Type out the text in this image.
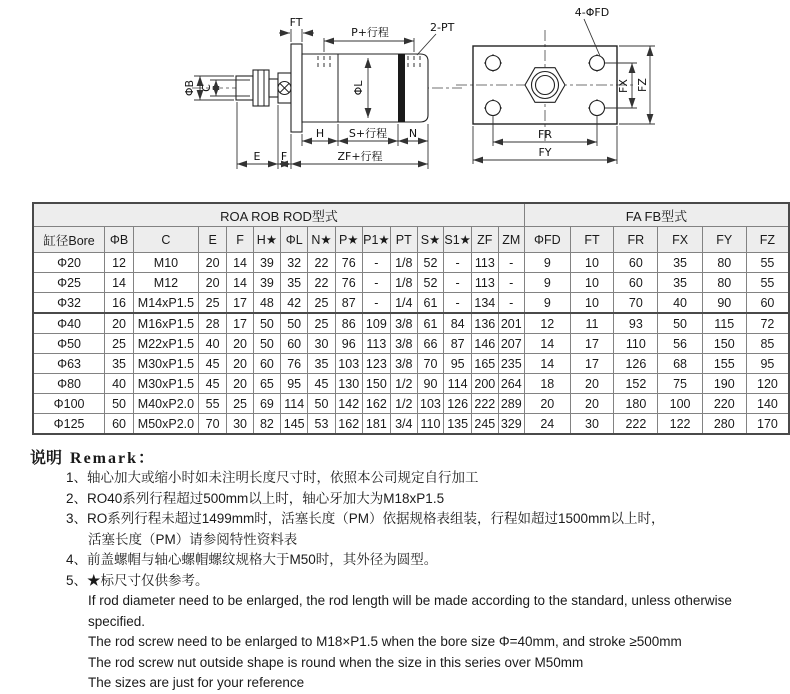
FT
P+行程	2-PT
ΦB C	ΦL
H S+行程 N
E F	ZF+行程
4-ΦFD
FX FZ
FR
FY
ROA ROB ROD型式															FA FB型式					
缸径Bore	ΦB	C	E	F	H★	ΦL	N★	P★	P1★	PT	S★	S1★	ZF	ZM	ΦFD	FT	FR	FX	FY	FZ
Φ20	12	M10	20	14	39	32	22	76	-	1/8	52	-	113	-	9	10	60	35	80	55
Φ25	14	M12	20	14	39	35	22	76	-	1/8	52	-	113	-	9	10	60	35	80	55
Φ32	16	M14xP1.5	25	17	48	42	25	87	-	1/4	61	-	134	-	9	10	70	40	90	60
Φ40	20	M16xP1.5	28	17	50	50	25	86	109	3/8	61	84	136	201	12	11	93	50	115	72
Φ50	25	M22xP1.5	40	20	50	60	30	96	113	3/8	66	87	146	207	14	17	110	56	150	85
Φ63	35	M30xP1.5	45	20	60	76	35	103	123	3/8	70	95	165	235	14	17	126	68	155	95
Φ80	40	M30xP1.5	45	20	65	95	45	130	150	1/2	90	114	200	264	18	20	152	75	190	120
Φ100	50	M40xP2.0	55	25	69	114	50	142	162	1/2	103	126	222	289	20	20	180	100	220	140
Φ125	60	M50xP2.0	70	30	82	145	53	162	181	3/4	110	135	245	329	24	30	222	122	280	170
说明 Remark：
1、轴心加大或缩小时如未注明长度尺寸时，依照本公司规定自行加工
2、RO40系列行程超过500mm以上时，轴心牙加大为M18xP1.5
3、RO系列行程未超过1499mm时，活塞长度（PM）依据规格表组装，行程如超过1500mm以上时，
活塞长度（PM）请参阅特性资料表
4、前盖螺帽与轴心螺帽螺纹规格大于M50时，其外径为圆型。
5、★标尺寸仅供参考。
If rod diameter need to be enlarged, the rod length will be made according to the standard, unless otherwise specified.
The rod screw need to be enlarged to M18×P1.5 when the bore size Φ=40mm, and stroke ≥500mm
The rod screw nut outside shape is round when the size in this series over M50mm
The sizes are just for your reference
